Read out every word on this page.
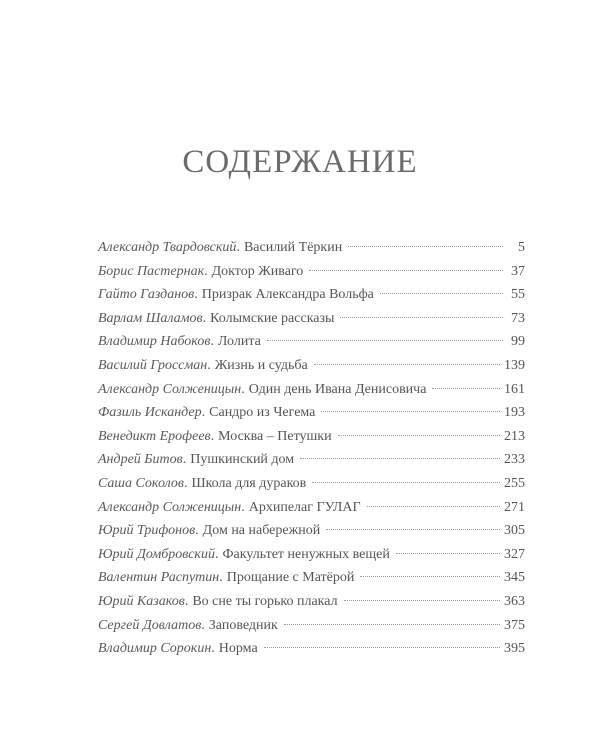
СОДЕРЖАНИЕ
Александр Твардовский . Василий Тёркин	5
Борис Пастернак . Доктор Живаго	37
Гайто Газданов . Призрак Александра Вольфа	55
Варлам Шаламов . Колымские рассказы	73
Владимир Набоков . Лолита	99
Василий Гроссман . Жизнь и судьба	139
Александр Солженицын . Один день Ивана Денисовича	161
Фазиль Искандер . Сандро из Чегема	193
Венедикт Ерофеев . Москва – Петушки	213
Андрей Битов . Пушкинский дом	233
Саша Соколов . Школа для дураков	255
Александр Солженицын . Архипелаг ГУЛАГ	271
Юрий Трифонов . Дом на набережной	305
Юрий Домбровский . Факультет ненужных вещей	327
Валентин Распутин . Прощание с Матёрой	345
Юрий Казаков . Во сне ты горько плакал	363
Сергей Довлатов . Заповедник	375
Владимир Сорокин . Норма	395
